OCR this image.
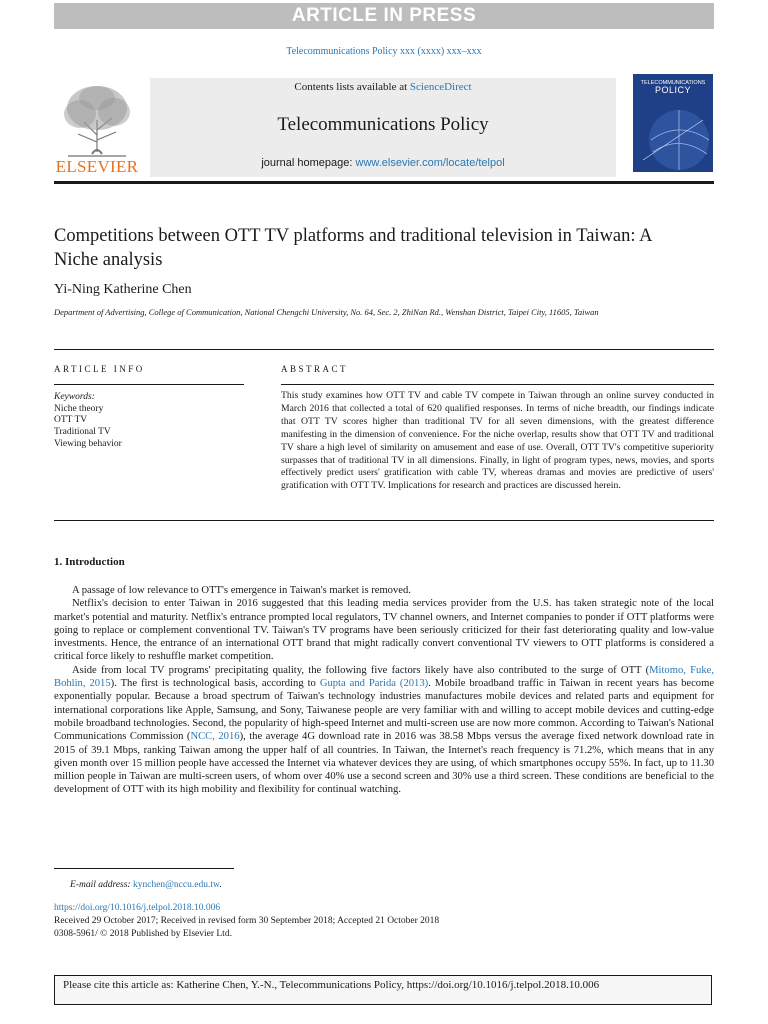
ARTICLE IN PRESS
Telecommunications Policy xxx (xxxx) xxx–xxx
ELSEVIER
Contents lists available at ScienceDirect
Telecommunications Policy
journal homepage: www.elsevier.com/locate/telpol
TELECOMMUNICATIONS
POLICY
Competitions between OTT TV platforms and traditional television in Taiwan: A Niche analysis
Yi-Ning Katherine Chen
Department of Advertising, College of Communication, National Chengchi University, No. 64, Sec. 2, ZhiNan Rd., Wenshan District, Taipei City, 11605, Taiwan
ARTICLE INFO
Keywords:
Niche theory
OTT TV
Traditional TV
Viewing behavior
ABSTRACT
This study examines how OTT TV and cable TV compete in Taiwan through an online survey conducted in March 2016 that collected a total of 620 qualified responses. In terms of niche breadth, our findings indicate that OTT TV scores higher than traditional TV for all seven dimensions, with the greatest difference manifesting in the dimension of convenience. For the niche overlap, results show that OTT TV and traditional TV share a high level of similarity on amusement and ease of use. Overall, OTT TV's competitive superiority surpasses that of traditional TV in all dimensions. Finally, in light of program types, news, movies, and sports effectively predict users' gratification with cable TV, whereas dramas and movies are predictive of users' gratification with OTT TV. Implications for research and practices are discussed herein.
1. Introduction

A passage of low relevance to OTT's emergence in Taiwan's market is removed.

Netflix's decision to enter Taiwan in 2016 suggested that this leading media services provider from the U.S. has taken strategic note of the local market's potential and maturity. Netflix's entrance prompted local regulators, TV channel owners, and Internet companies to ponder if OTT platforms were going to replace or complement conventional TV. Taiwan's TV programs have been seriously criticized for their fast deteriorating quality and low-value investments. Hence, the entrance of an international OTT brand that might radically convert conventional TV viewers to OTT platforms is considered a critical force likely to reshuffle market competition.

Aside from local TV programs' precipitating quality, the following five factors likely have also contributed to the surge of OTT (Mitomo, Fuke, Bohlin, 2015). The first is technological basis, according to Gupta and Parida (2013). Mobile broadband traffic in Taiwan in recent years has become exponentially popular. Because a broad spectrum of Taiwan's technology industries manufactures mobile devices and related parts and equipment for international corporations like Apple, Samsung, and Sony, Taiwanese people are very familiar with and willing to accept mobile devices and cutting-edge mobile broadband technologies. Second, the popularity of high-speed Internet and multi-screen use are now more common. According to Taiwan's National Communications Commission (NCC, 2016), the average 4G download rate in 2016 was 38.58 Mbps versus the average fixed network download rate in 2015 of 39.1 Mbps, ranking Taiwan among the upper half of all countries. In Taiwan, the Internet's reach frequency is 71.2%, which means that in any given month over 15 million people have accessed the Internet via whatever devices they are using, of which smartphones occupy 55%. In fact, up to 11.30 million people in Taiwan are multi-screen users, of whom over 40% use a second screen and 30% use a third screen. These conditions are beneficial to the development of OTT with its high mobility and flexibility for continual watching.

E-mail address: kynchen@nccu.edu.tw.
https://doi.org/10.1016/j.telpol.2018.10.006
Received 29 October 2017; Received in revised form 30 September 2018; Accepted 21 October 2018
0308-5961/ © 2018 Published by Elsevier Ltd.
Please cite this article as: Katherine Chen, Y.-N., Telecommunications Policy, https://doi.org/10.1016/j.telpol.2018.10.006
